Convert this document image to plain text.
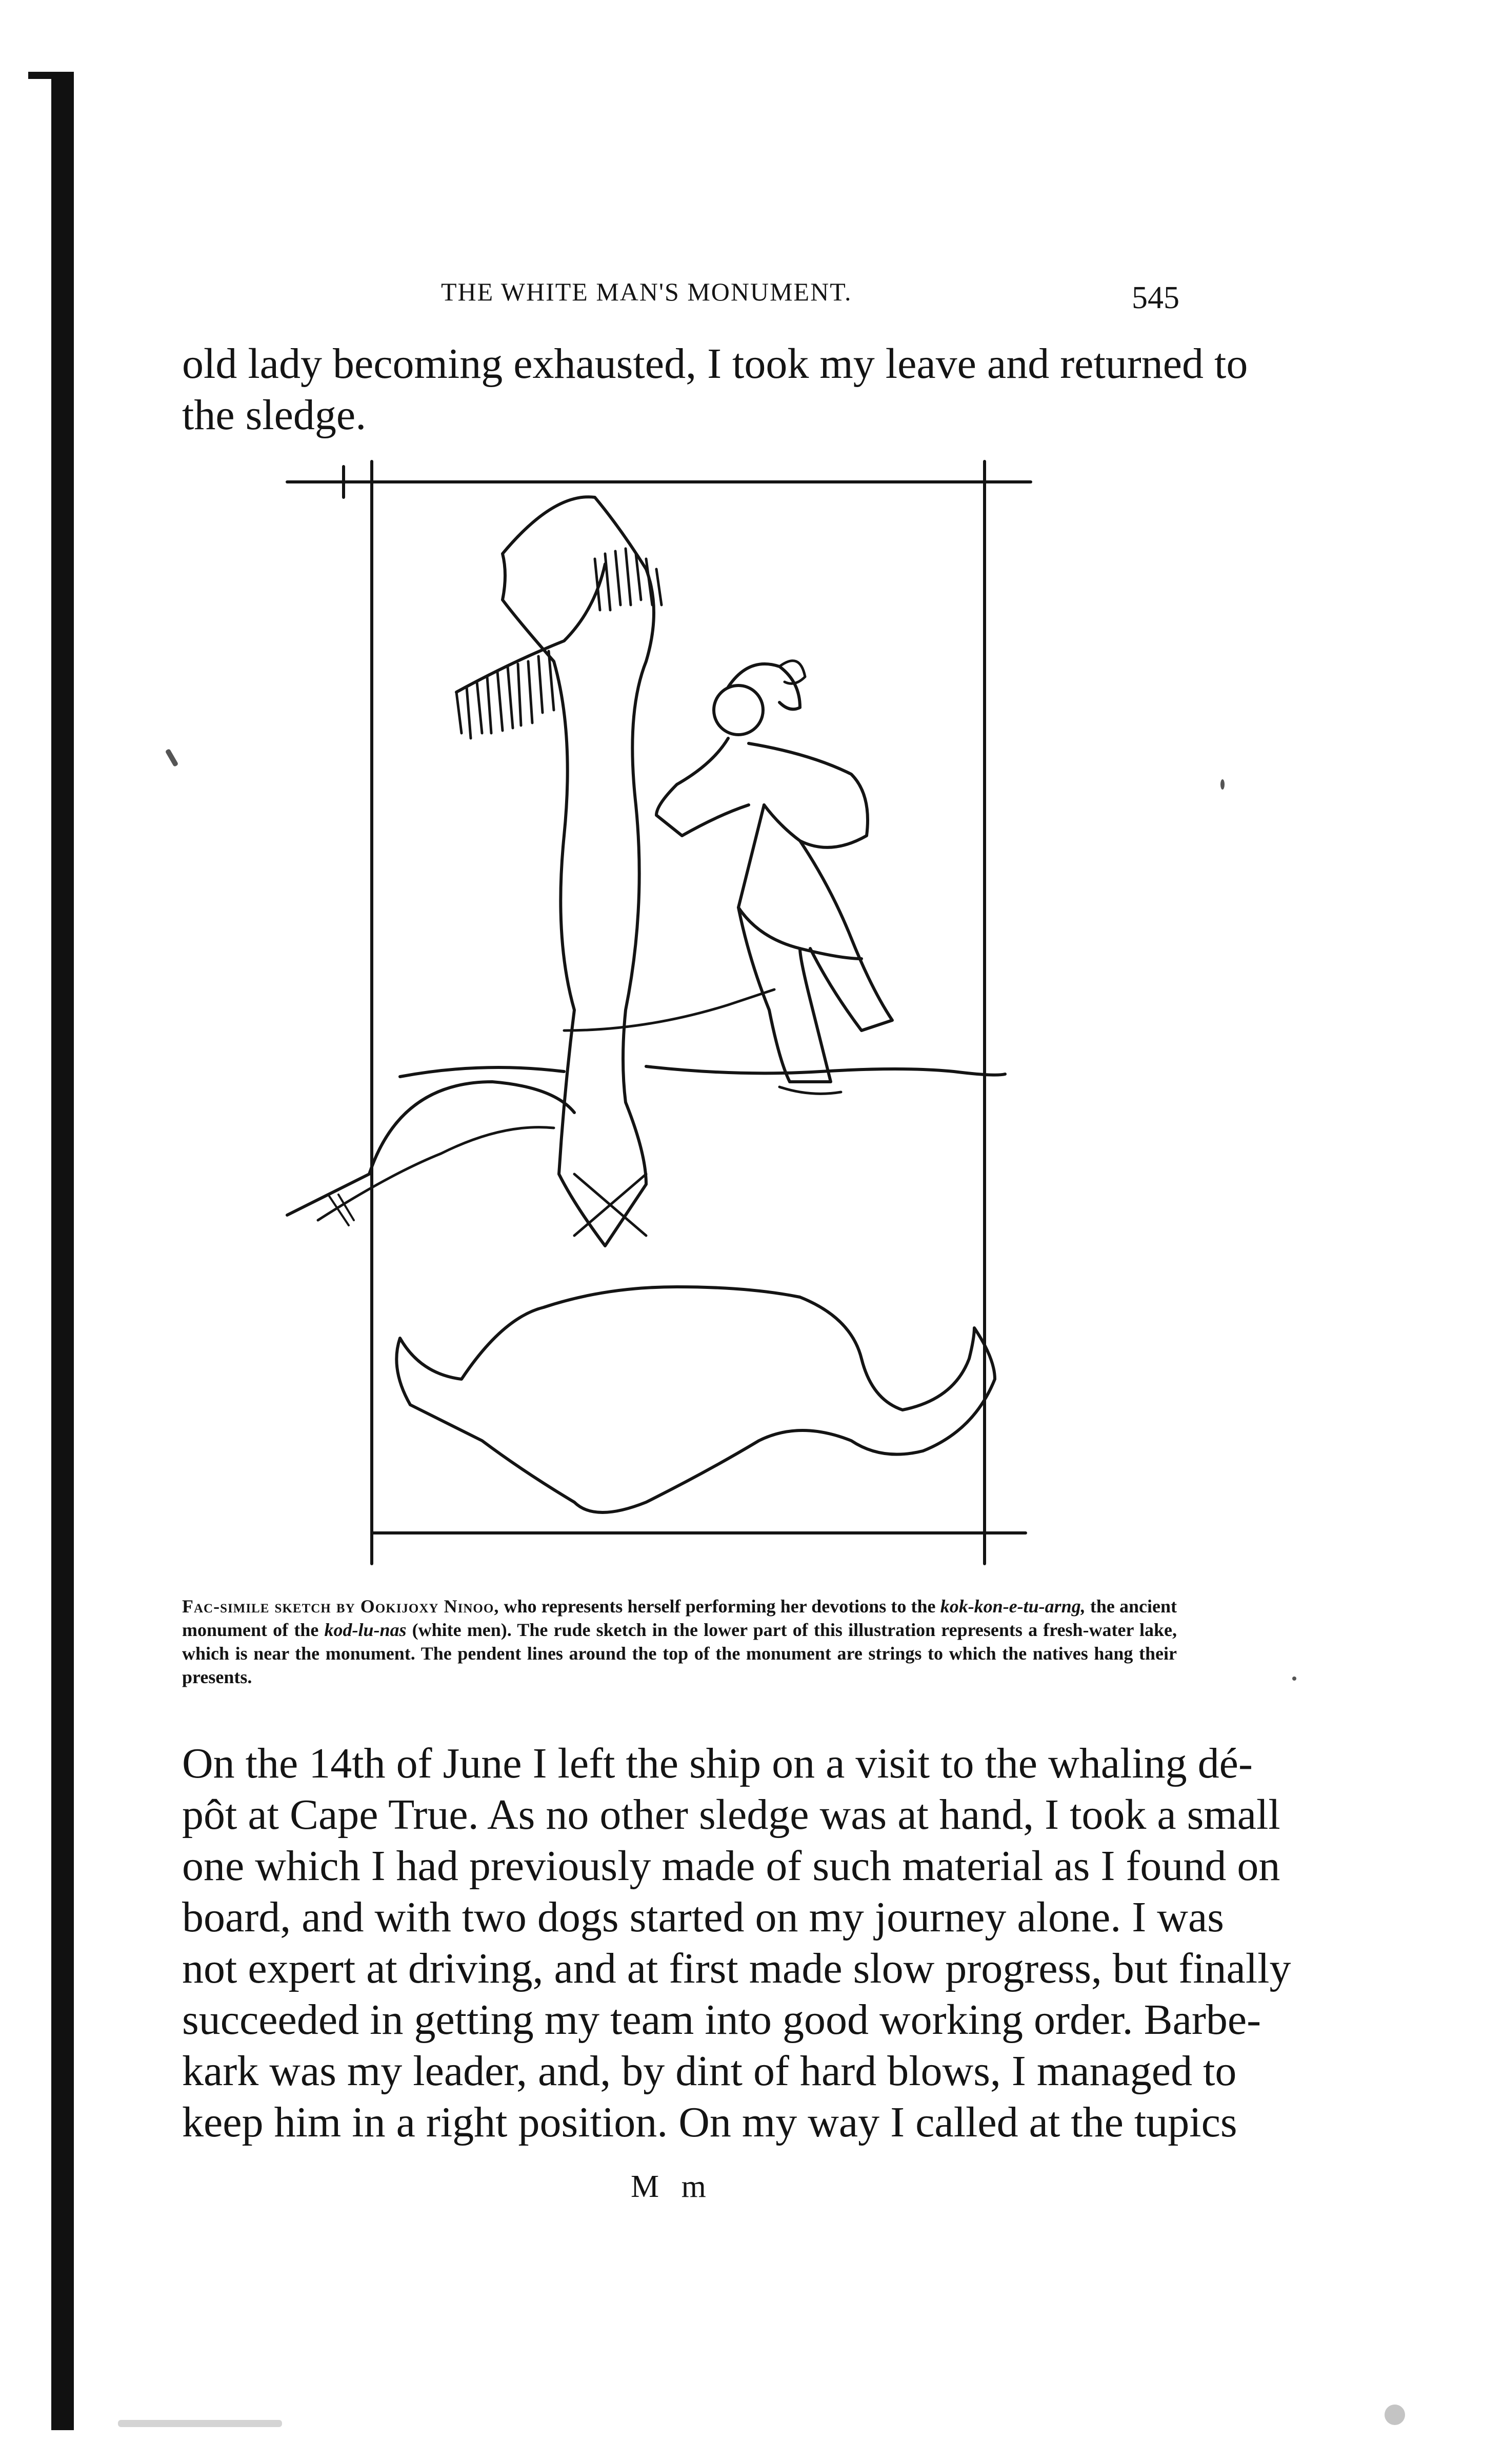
THE WHITE MAN'S MONUMENT.	545
old lady becoming exhausted, I took my leave and returned to
the sledge.
Fac-simile sketch by Ookijoxy Ninoo, who represents herself performing her devotions to the kok-kon-e-tu-arng, the ancient monument of the kod-lu-nas (white men). The rude sketch in the lower part of this illustration represents a fresh-water lake, which is near the monument. The pendent lines around the top of the monument are strings to which the natives hang their presents.
On the 14th of June I left the ship on a visit to the whaling dé-
pôt at Cape True. As no other sledge was at hand, I took a small
one which I had previously made of such material as I found on
board, and with two dogs started on my journey alone. I was
not expert at driving, and at first made slow progress, but finally
succeeded in getting my team into good working order. Barbe-
kark was my leader, and, by dint of hard blows, I managed to
keep him in a right position. On my way I called at the tupics
M m
